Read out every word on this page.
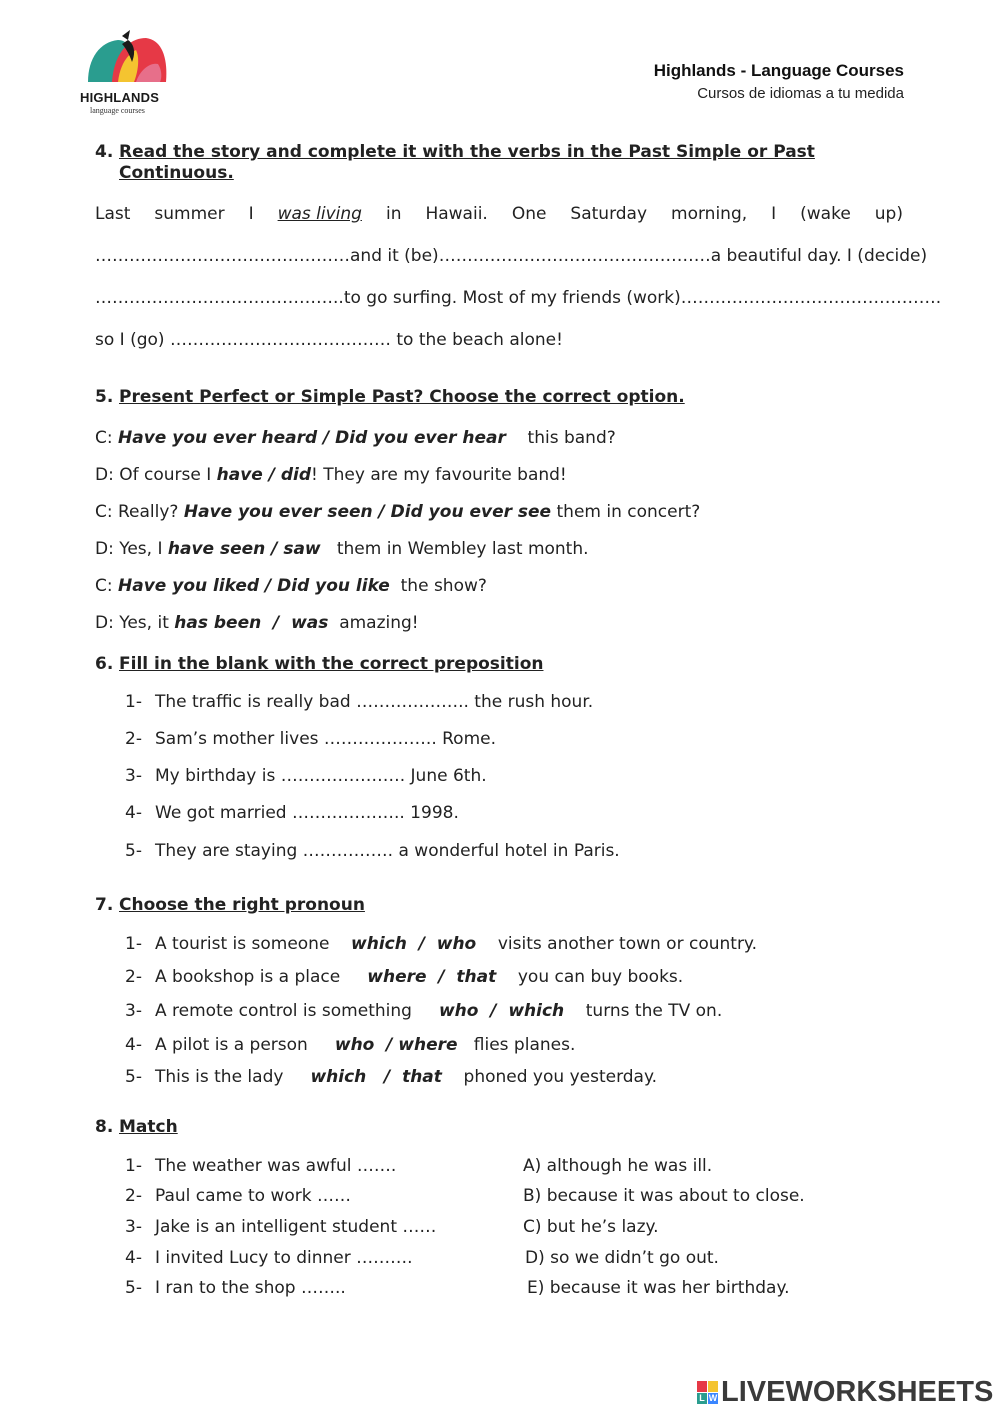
HIGHLANDS
language courses
Highlands - Language Courses
Cursos de idiomas a tu medida
4. Read the story and complete it with the verbs in the Past Simple or Past
Continuous.
Last summer I was living in Hawaii. One Saturday morning, I (wake up)
……………………………………… and it (be) ………………………………………… a beautiful day. I (decide)
…………………………………….. to go surfing. Most of my friends (work) ……………………………………….
so I (go) ………………………………… to the beach alone!
5. Present Perfect or Simple Past? Choose the correct option.
C: Have you ever heard / Did you ever hear this band?
D: Of course I have / did! They are my favourite band!
C: Really? Have you ever seen / Did you ever see them in concert?
D: Yes, I have seen / saw them in Wembley last month.
C: Have you liked / Did you like the show?
D: Yes, it has been  /  was amazing!
6. Fill in the blank with the correct preposition
1- The traffic is really bad ……………….. the rush hour.
2- Sam’s mother lives ……………….. Rome.
3- My birthday is …………………. June 6th.
4- We got married ……………….. 1998.
5- They are staying ……………. a wonderful hotel in Paris.
7. Choose the right pronoun
1- A tourist is someone which  /  who visits another town or country.
2- A bookshop is a place where  /  that you can buy books.
3- A remote control is something who  /  which turns the TV on.
4- A pilot is a person who  / where flies planes.
5- This is the lady which   /  that phoned you yesterday.
8. Match
1- The weather was awful …….
2- Paul came to work ……
3- Jake is an intelligent student ……
4- I invited Lucy to dinner ……….
5- I ran to the shop ……..
A) although he was ill.
B) because it was about to close.
C) but he’s lazy.
D) so we didn’t go out.
E) because it was her birthday.
L W LIVEWORKSHEETS
